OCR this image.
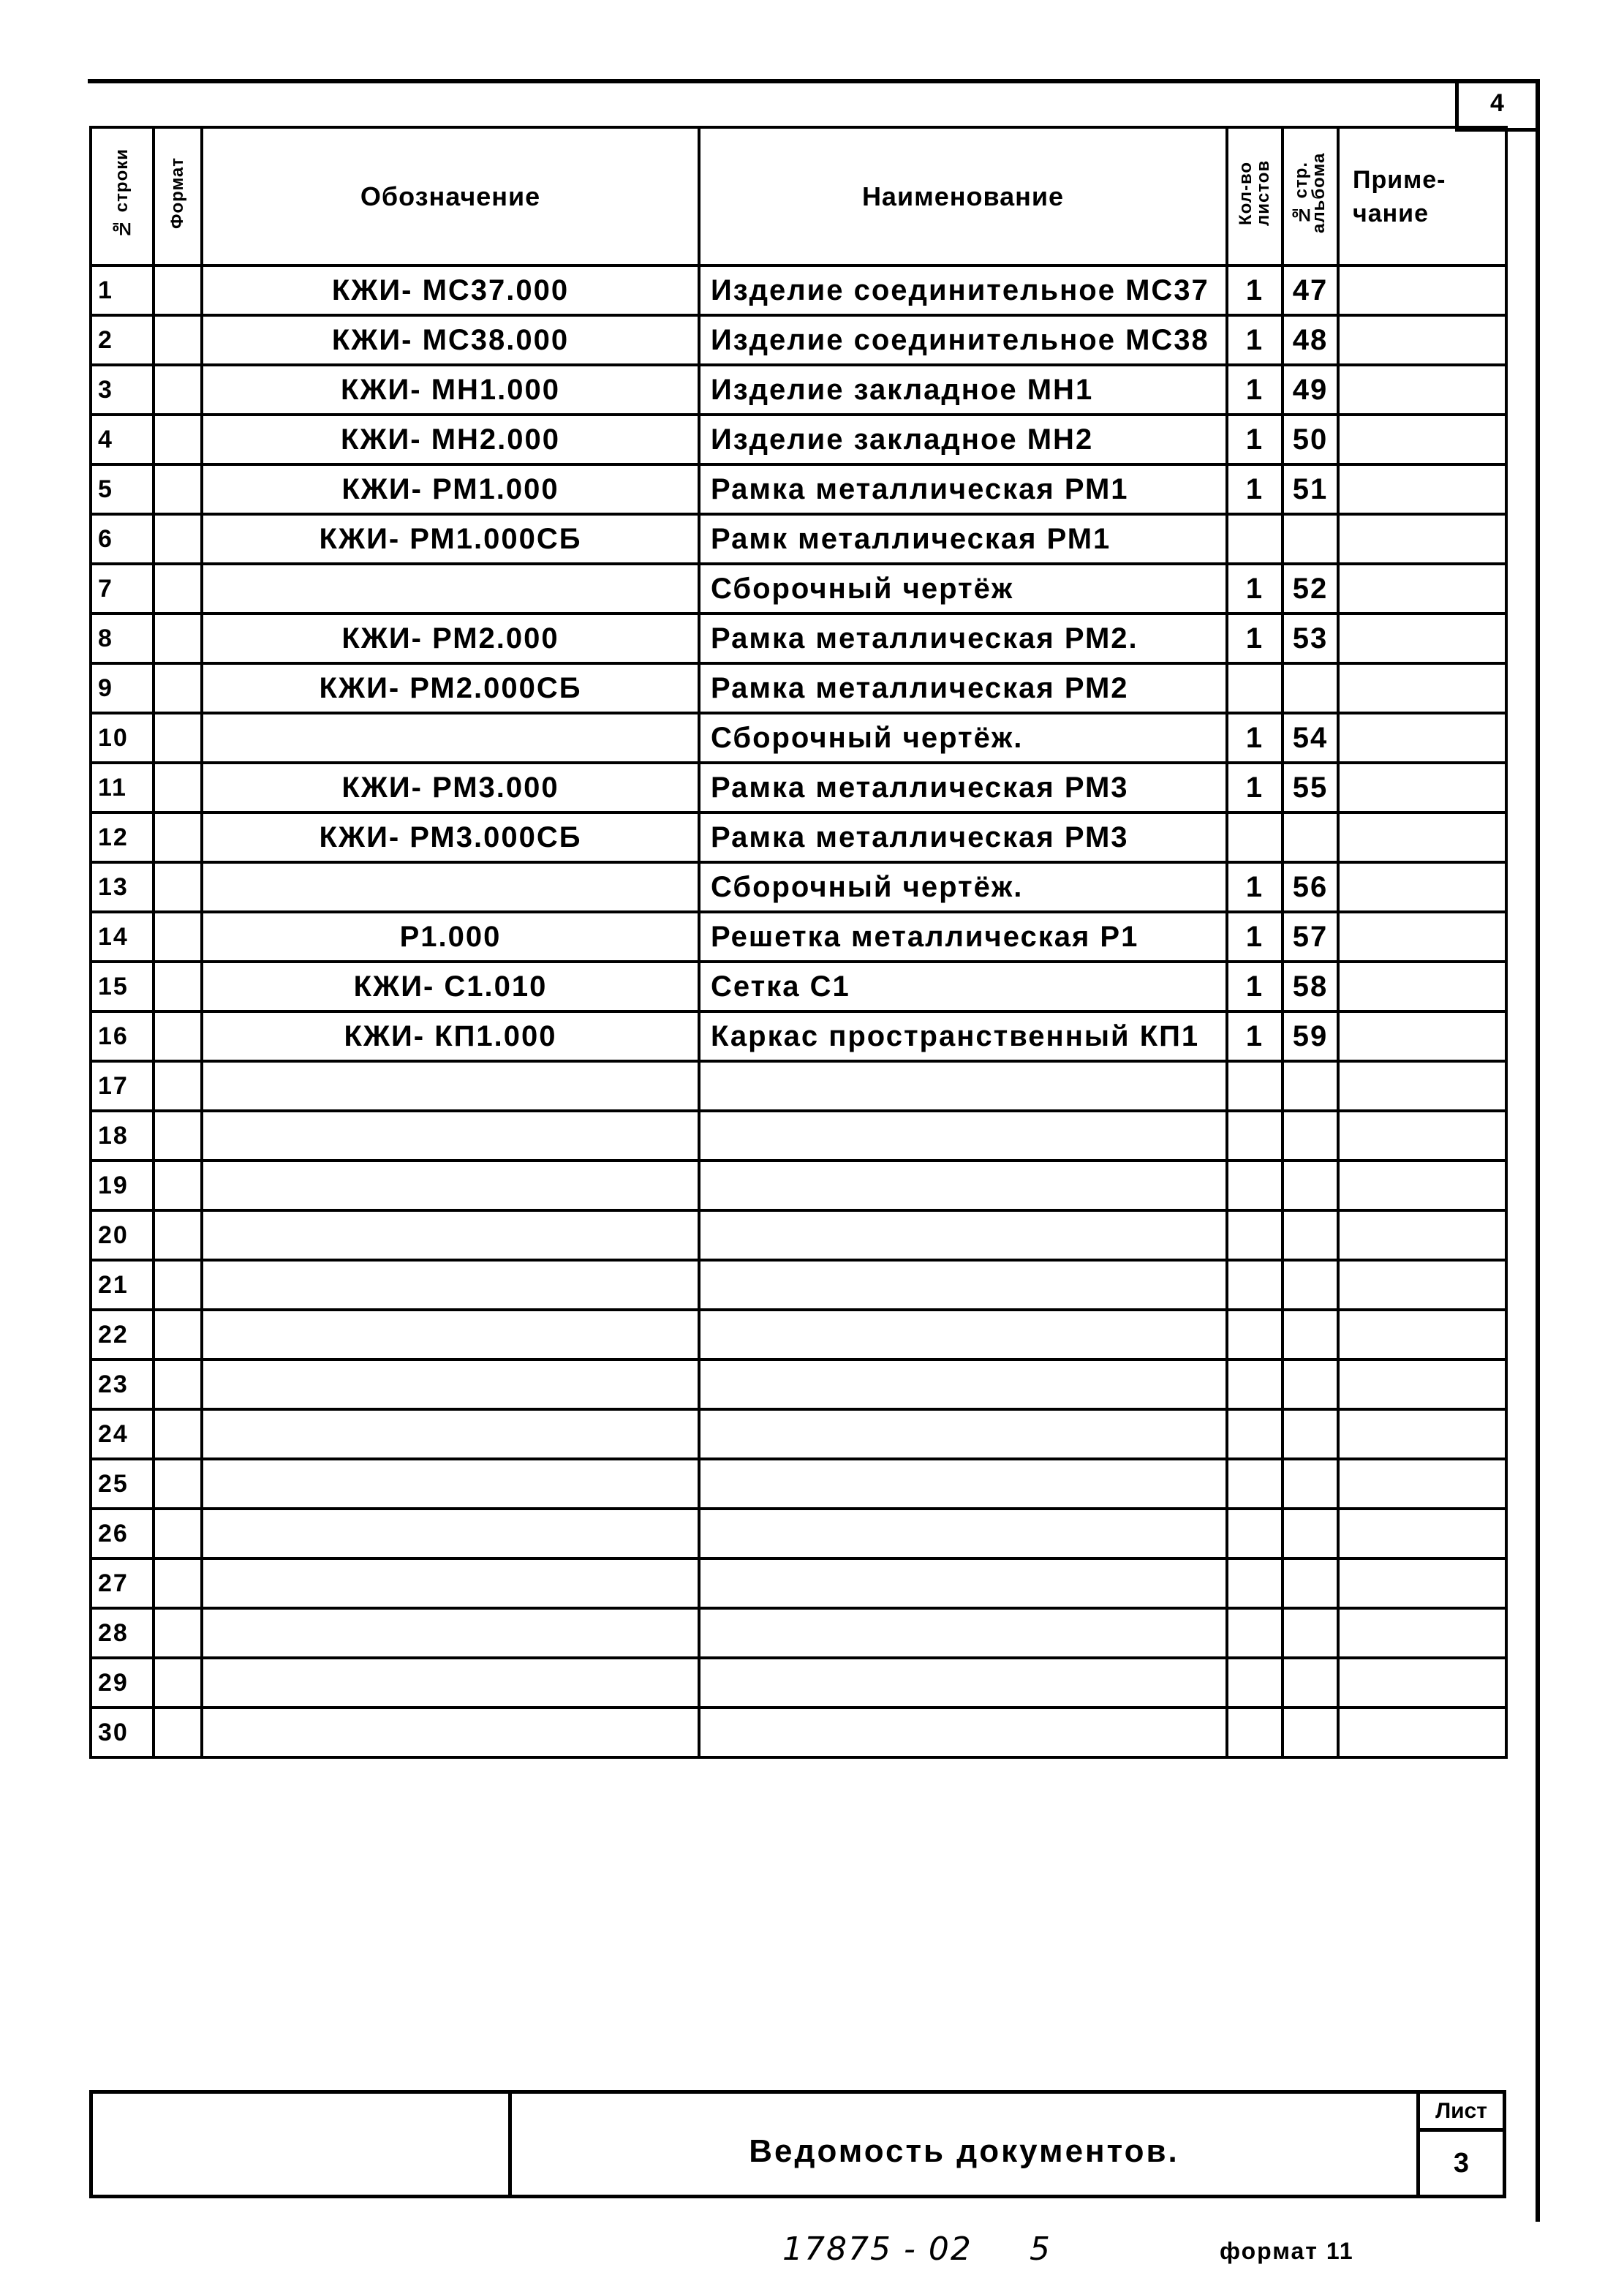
4
№ строки	Формат	Обозначение	Наименование	Кол-во листов	№ стр. альбома	Приме-чание
1		КЖИ- МС37.000	Изделие соединительное МС37	1	47	
2		КЖИ- МС38.000	Изделие соединительное МС38	1	48	
3		КЖИ- МН1.000	Изделие закладное МН1	1	49	
4		КЖИ- МН2.000	Изделие закладное МН2	1	50	
5		КЖИ- РМ1.000	Рамка металлическая РМ1	1	51	
6		КЖИ- РМ1.000СБ	Рамк металлическая РМ1			
7			Сборочный чертёж	1	52	
8		КЖИ- РМ2.000	Рамка металлическая РМ2.	1	53	
9		КЖИ- РМ2.000СБ	Рамка металлическая РМ2			
10			Сборочный чертёж.	1	54	
11		КЖИ- РМ3.000	Рамка металлическая РМ3	1	55	
12		КЖИ- РМ3.000СБ	Рамка металлическая РМ3			
13			Сборочный чертёж.	1	56	
14		Р1.000	Решетка металлическая Р1	1	57	
15		КЖИ- С1.010	Сетка С1	1	58	
16		КЖИ- КП1.000	Каркас пространственный КП1	1	59	
17						
18						
19						
20						
21						
22						
23						
24						
25						
26						
27						
28						
29						
30						
Ведомость документов.
Лист
3
17875 - 02 5	формат 11
